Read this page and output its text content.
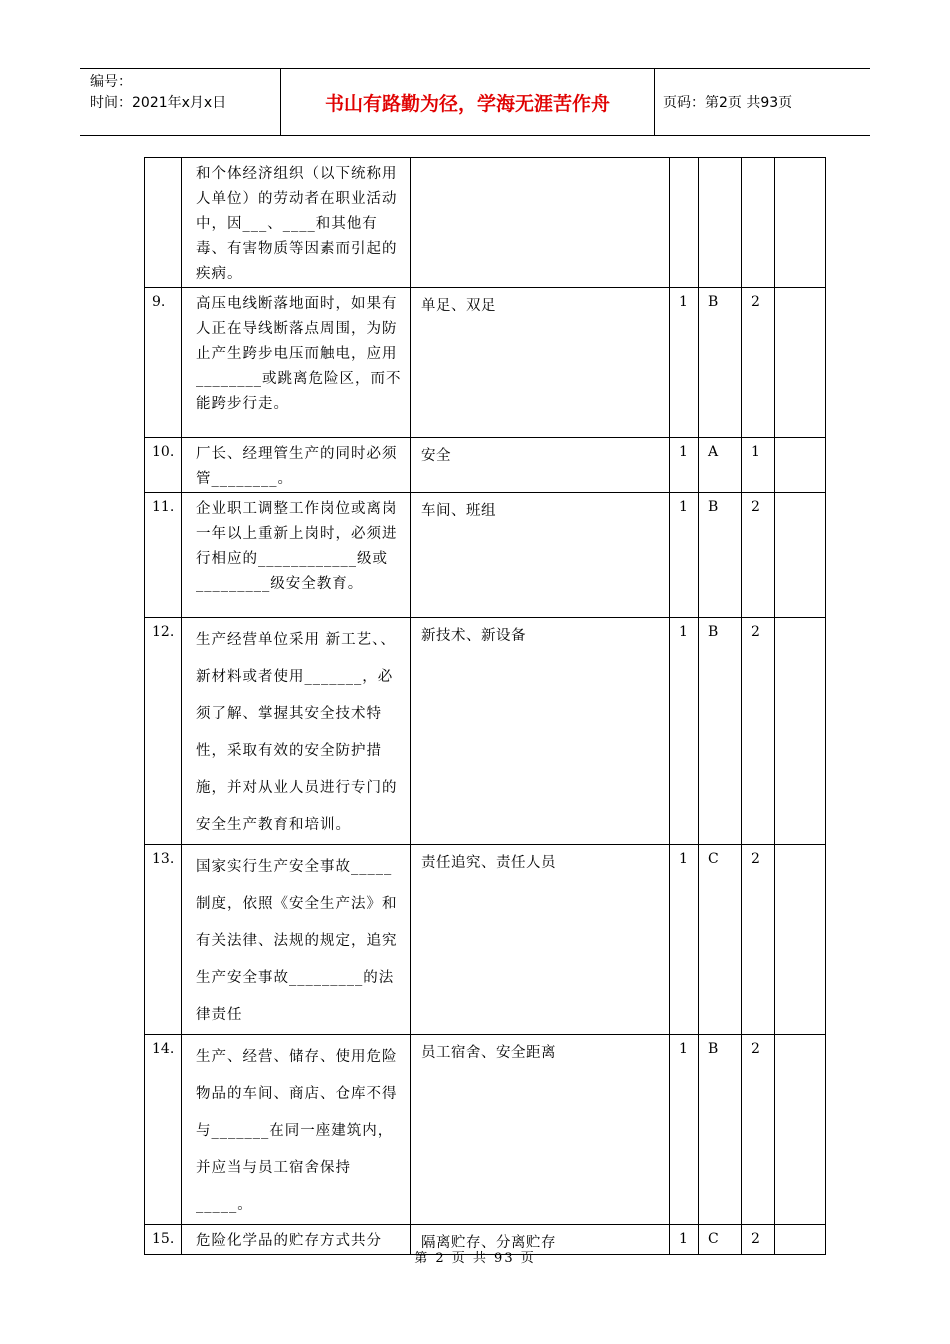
编号：
时间：2021年x月x日	书山有路勤为径，学海无涯苦作舟	页码：第2页 共93页
	和个体经济组织（以下统称用人单位）的劳动者在职业活动中，因___、____和其他有毒、有害物质等因素而引起的疾病。					
9.	高压电线断落地面时，如果有人正在导线断落点周围，为防止产生跨步电压而触电，应用________或跳离危险区，而不能跨步行走。	单足、双足	1	B	2	
10.	厂长、经理管生产的同时必须管________。	安全	1	A	1	
11.	企业职工调整工作岗位或离岗一年以上重新上岗时，必须进行相应的____________级或_________级安全教育。	车间、班组	1	B	2	
12.	生产经营单位采用 新工艺、、新材料或者使用_______，必须了解、掌握其安全技术特性，采取有效的安全防护措施，并对从业人员进行专门的安全生产教育和培训。	新技术、新设备	1	B	2	
13.	国家实行生产安全事故_____制度，依照《安全生产法》和有关法律、法规的规定，追究生产安全事故_________的法律责任	责任追究、责任人员	1	C	2	
14.	生产、经营、储存、使用危险物品的车间、商店、仓库不得与_______在同一座建筑内，并应当与员工宿舍保持_____。	员工宿舍、安全距离	1	B	2	
15.	危险化学品的贮存方式共分	隔离贮存、分离贮存	1	C	2	
第 2 页 共 93 页
